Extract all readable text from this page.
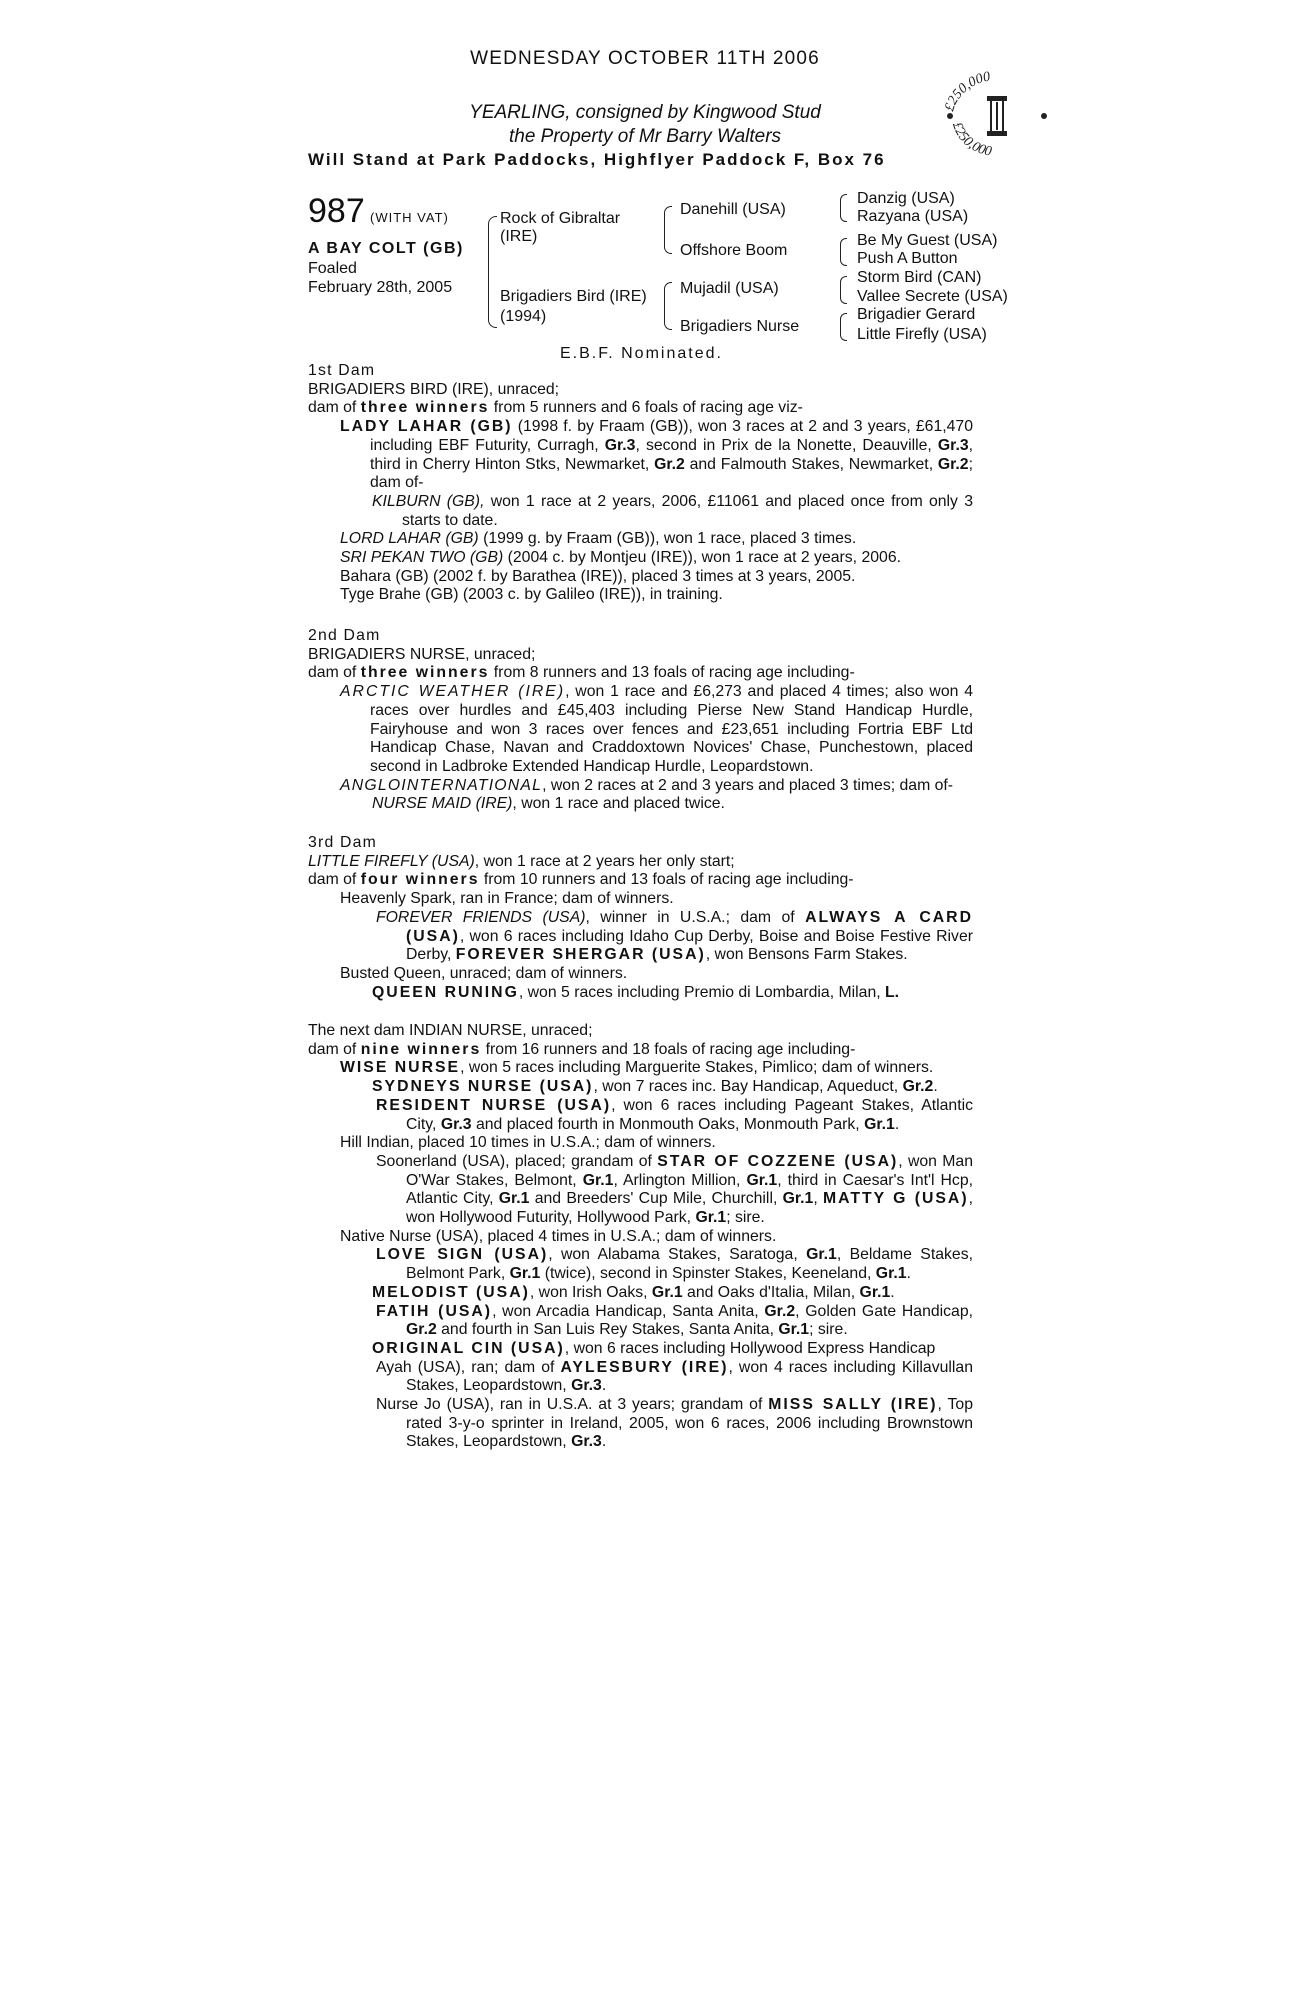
WEDNESDAY OCTOBER 11TH 2006
YEARLING, consigned by Kingwood Stud
the Property of Mr Barry Walters
Will Stand at Park Paddocks, Highflyer Paddock F, Box 76
£250,000
£250,000
987 (WITH VAT)
A BAY COLT (GB)
Foaled
February 28th, 2005
Rock of Gibraltar
(IRE)
Brigadiers Bird (IRE)
(1994)
Danehill (USA)
Offshore Boom
Mujadil (USA)
Brigadiers Nurse
Danzig (USA)
Razyana (USA)
Be My Guest (USA)
Push A Button
Storm Bird (CAN)
Vallee Secrete (USA)
Brigadier Gerard
Little Firefly (USA)
E.B.F. Nominated.

1st Dam

BRIGADIERS BIRD (IRE), unraced;

dam of three winners from 5 runners and 6 foals of racing age viz-

LADY LAHAR (GB) (1998 f. by Fraam (GB)), won 3 races at 2 and 3 years, £61,470 including EBF Futurity, Curragh, Gr.3, second in Prix de la Nonette, Deauville, Gr.3, third in Cherry Hinton Stks, Newmarket, Gr.2 and Falmouth Stakes, Newmarket, Gr.2; dam of-

KILBURN (GB), won 1 race at 2 years, 2006, £11061 and placed once from only 3 starts to date.

LORD LAHAR (GB) (1999 g. by Fraam (GB)), won 1 race, placed 3 times.

SRI PEKAN TWO (GB) (2004 c. by Montjeu (IRE)), won 1 race at 2 years, 2006.

Bahara (GB) (2002 f. by Barathea (IRE)), placed 3 times at 3 years, 2005.

Tyge Brahe (GB) (2003 c. by Galileo (IRE)), in training.

2nd Dam

BRIGADIERS NURSE, unraced;

dam of three winners from 8 runners and 13 foals of racing age including-

ARCTIC WEATHER (IRE), won 1 race and £6,273 and placed 4 times; also won 4 races over hurdles and £45,403 including Pierse New Stand Handicap Hurdle, Fairyhouse and won 3 races over fences and £23,651 including Fortria EBF Ltd Handicap Chase, Navan and Craddoxtown Novices' Chase, Punchestown, placed second in Ladbroke Extended Handicap Hurdle, Leopardstown.

ANGLOINTERNATIONAL, won 2 races at 2 and 3 years and placed 3 times; dam of-

NURSE MAID (IRE), won 1 race and placed twice.

3rd Dam

LITTLE FIREFLY (USA), won 1 race at 2 years her only start;

dam of four winners from 10 runners and 13 foals of racing age including-

Heavenly Spark, ran in France; dam of winners.

FOREVER FRIENDS (USA), winner in U.S.A.; dam of ALWAYS A CARD (USA), won 6 races including Idaho Cup Derby, Boise and Boise Festive River Derby, FOREVER SHERGAR (USA), won Bensons Farm Stakes.

Busted Queen, unraced; dam of winners.

QUEEN RUNING, won 5 races including Premio di Lombardia, Milan, L.

The next dam INDIAN NURSE, unraced;

dam of nine winners from 16 runners and 18 foals of racing age including-

WISE NURSE, won 5 races including Marguerite Stakes, Pimlico; dam of winners.

SYDNEYS NURSE (USA), won 7 races inc. Bay Handicap, Aqueduct, Gr.2.

RESIDENT NURSE (USA), won 6 races including Pageant Stakes, Atlantic City, Gr.3 and placed fourth in Monmouth Oaks, Monmouth Park, Gr.1.

Hill Indian, placed 10 times in U.S.A.; dam of winners.

Soonerland (USA), placed; grandam of STAR OF COZZENE (USA), won Man O'War Stakes, Belmont, Gr.1, Arlington Million, Gr.1, third in Caesar's Int'l Hcp, Atlantic City, Gr.1 and Breeders' Cup Mile, Churchill, Gr.1, MATTY G (USA), won Hollywood Futurity, Hollywood Park, Gr.1; sire.

Native Nurse (USA), placed 4 times in U.S.A.; dam of winners.

LOVE SIGN (USA), won Alabama Stakes, Saratoga, Gr.1, Beldame Stakes, Belmont Park, Gr.1 (twice), second in Spinster Stakes, Keeneland, Gr.1.

MELODIST (USA), won Irish Oaks, Gr.1 and Oaks d'Italia, Milan, Gr.1.

FATIH (USA), won Arcadia Handicap, Santa Anita, Gr.2, Golden Gate Handicap, Gr.2 and fourth in San Luis Rey Stakes, Santa Anita, Gr.1; sire.

ORIGINAL CIN (USA), won 6 races including Hollywood Express Handicap

Ayah (USA), ran; dam of AYLESBURY (IRE), won 4 races including Killavullan Stakes, Leopardstown, Gr.3.

Nurse Jo (USA), ran in U.S.A. at 3 years; grandam of MISS SALLY (IRE), Top rated 3-y-o sprinter in Ireland, 2005, won 6 races, 2006 including Brownstown Stakes, Leopardstown, Gr.3.
